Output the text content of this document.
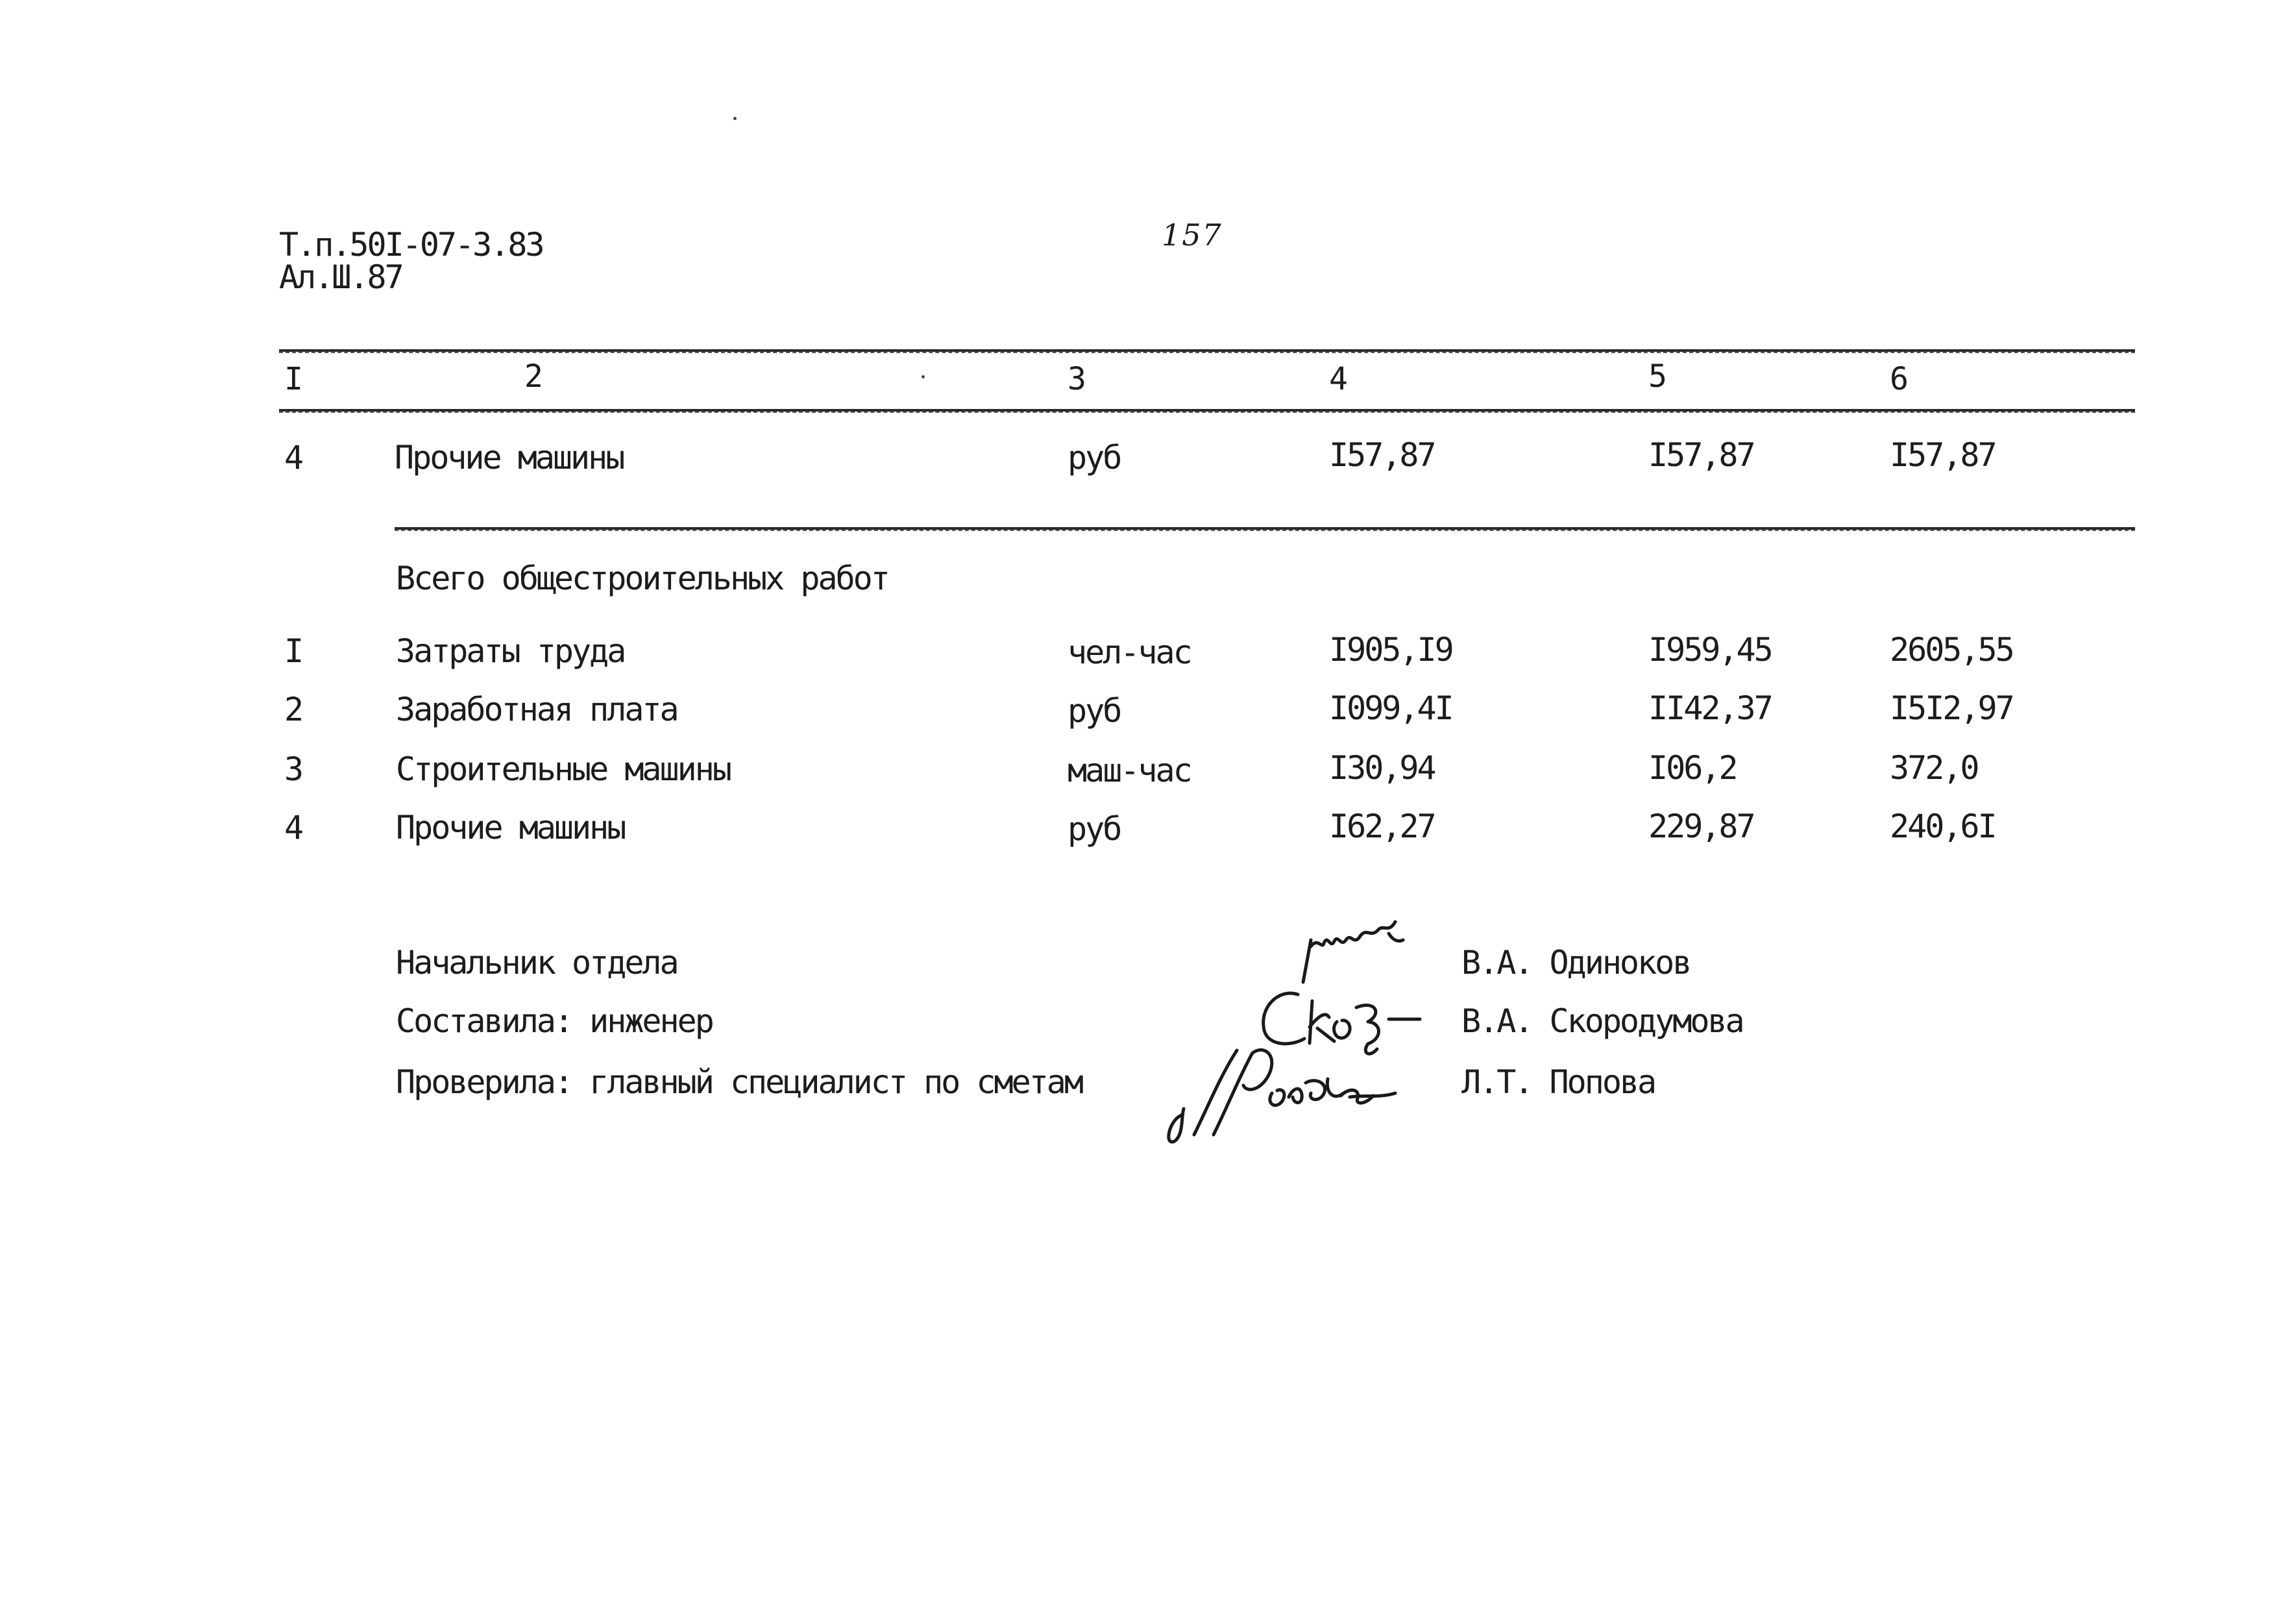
Т.п.50I-07-3.83
Ал.Ш.87
157
I	2	3	4	5	6
4	Прочие машины	руб	I57,87	I57,87	I57,87
Всего общестроительных работ
I	Затраты труда	чел-час	I905,I9	I959,45	2605,55
2	Заработная плата	руб	I099,4I	II42,37	I5I2,97
3	Строительные машины	маш-час	I30,94	I06,2	372,0
4	Прочие машины	руб	I62,27	229,87	240,6I
Начальник отдела	В.А. Одиноков
Составила: инженер	В.А. Скородумова
Проверила: главный специалист по сметам	Л.Т. Попова
